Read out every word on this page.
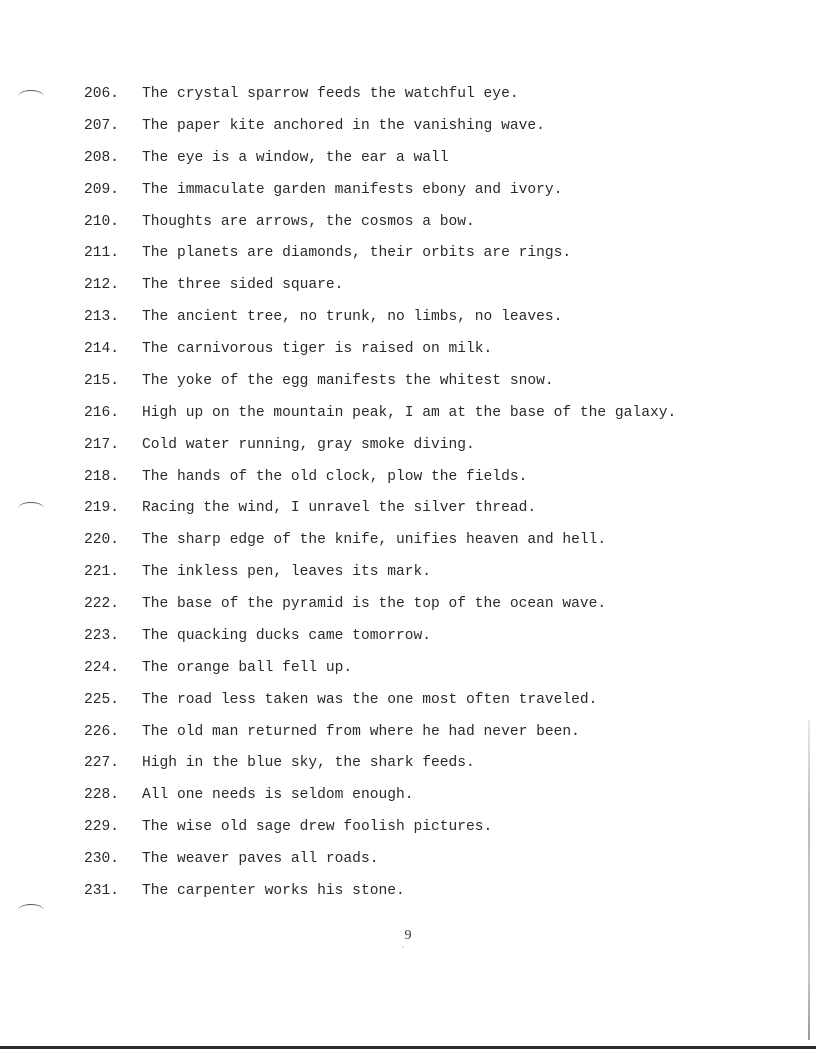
206.	The crystal sparrow feeds the watchful eye.
207.	The paper kite anchored in the vanishing wave.
208.	The eye is a window, the ear a wall
209.	The immaculate garden manifests ebony and ivory.
210.	Thoughts are arrows, the cosmos a bow.
211.	The planets are diamonds, their orbits are rings.
212.	The three sided square.
213.	The ancient tree, no trunk, no limbs, no leaves.
214.	The carnivorous tiger is raised on milk.
215.	The yoke of the egg manifests the whitest snow.
216.	High up on the mountain peak, I am at the base of the galaxy.
217.	Cold water running, gray smoke diving.
218.	The hands of the old clock, plow the fields.
219.	Racing the wind, I unravel the silver thread.
220.	The sharp edge of the knife, unifies heaven and hell.
221.	The inkless pen, leaves its mark.
222.	The base of the pyramid is the top of the ocean wave.
223.	The quacking ducks came tomorrow.
224.	The orange ball fell up.
225.	The road less taken was the one most often traveled.
226.	The old man returned from where he had never been.
227.	High in the blue sky, the shark feeds.
228.	All one needs is seldom enough.
229.	The wise old sage drew foolish pictures.
230.	The weaver paves all roads.
231.	The carpenter works his stone.
9
